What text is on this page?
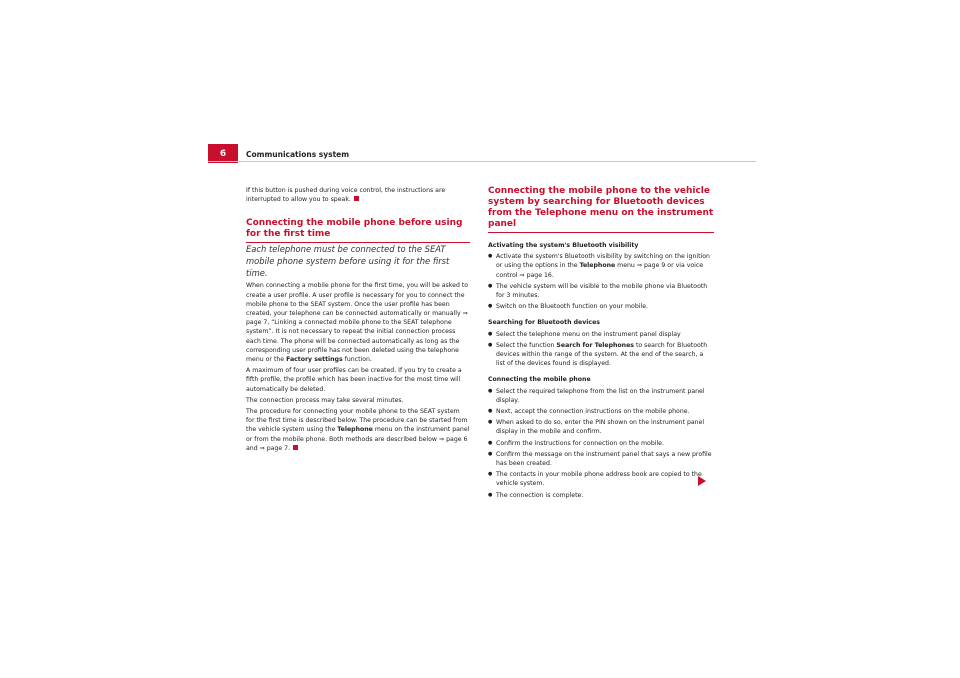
6	Communications system

If this button is pushed during voice control, the instructions are interrupted to allow you to speak.

Connecting the mobile phone before using for the first time

Each telephone must be connected to the SEAT mobile phone system before using it for the first time.

When connecting a mobile phone for the first time, you will be asked to create a user profile. A user profile is necessary for you to connect the mobile phone to the SEAT system. Once the user profile has been created, your telephone can be connected automatically or manually ⇒ page 7, “Linking a connected mobile phone to the SEAT telephone system”. It is not necessary to repeat the initial connection process each time. The phone will be connected automatically as long as the corresponding user profile has not been deleted using the telephone menu or the Factory settings function.

A maximum of four user profiles can be created. If you try to create a fifth profile, the profile which has been inactive for the most time will automatically be deleted.

The connection process may take several minutes.

The procedure for connecting your mobile phone to the SEAT system for the first time is described below. The procedure can be started from the vehicle system using the Telephone menu on the instrument panel or from the mobile phone. Both methods are described below ⇒ page 6 and ⇒ page 7.

Connecting the mobile phone to the vehicle system by searching for Bluetooth devices from the Telephone menu on the instrument panel

Activating the system's Bluetooth visibility

● Activate the system's Bluetooth visibility by switching on the ignition or using the options in the Telephone menu ⇒ page 9 or via voice control ⇒ page 16.

● The vehicle system will be visible to the mobile phone via Bluetooth for 3 minutes.

● Switch on the Bluetooth function on your mobile.

Searching for Bluetooth devices

● Select the telephone menu on the instrument panel display

● Select the function Search for Telephones to search for Bluetooth devices within the range of the system. At the end of the search, a list of the devices found is displayed.

Connecting the mobile phone

● Select the required telephone from the list on the instrument panel display.

● Next, accept the connection instructions on the mobile phone.

● When asked to do so, enter the PIN shown on the instrument panel display in the mobile and confirm.

● Confirm the instructions for connection on the mobile.

● Confirm the message on the instrument panel that says a new profile has been created.

● The contacts in your mobile phone address book are copied to the vehicle system.

● The connection is complete.
